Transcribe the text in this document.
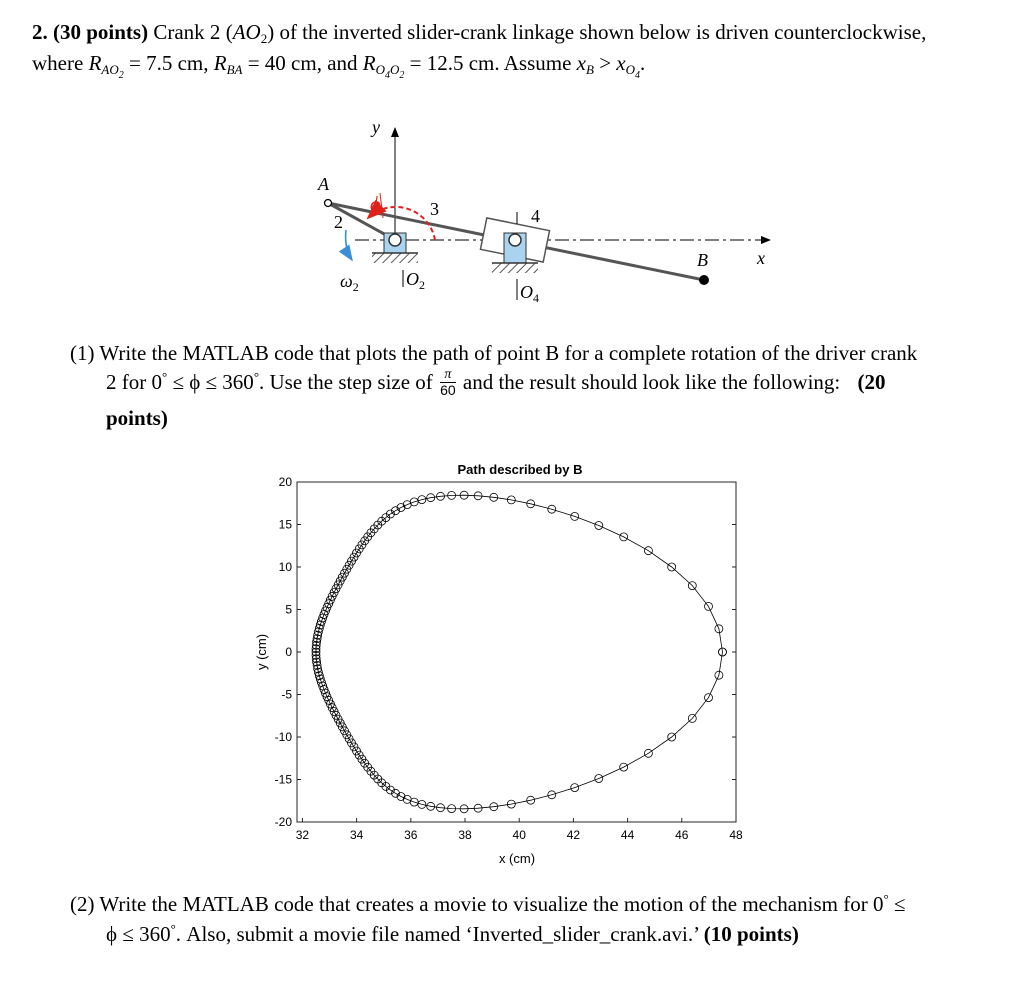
2. (30 points) Crank 2 $(AO_2)$ of the inverted slider-crank linkage shown below is driven counterclockwise,
where $R_{AO_2} = 7.5$ cm, $R_{BA} = 40$ cm, and $R_{O_4O_2} = 12.5$ cm. Assume $x_B > x_{O_4}$.
y
x
A
B
2
3	4
ϕ
$\omega_2$	$O_2$	$O_4$
(1) Write the MATLAB code that plots the path of point B for a complete rotation of the driver crank
2 for 0° ≤ ϕ ≤ 360°. Use the step size of $\frac{\pi}{60}$ and the result should look like the following: (20
points)
Path described by B
x (cm)
y (cm)
32	34	36	38	40	42	44	46	48
20
15
10
5
0
-5
-10
-15
-20
(2) Write the MATLAB code that creates a movie to visualize the motion of the mechanism for 0° ≤
ϕ ≤ 360°. Also, submit a movie file named ‘Inverted_slider_crank.avi.’ (10 points)
